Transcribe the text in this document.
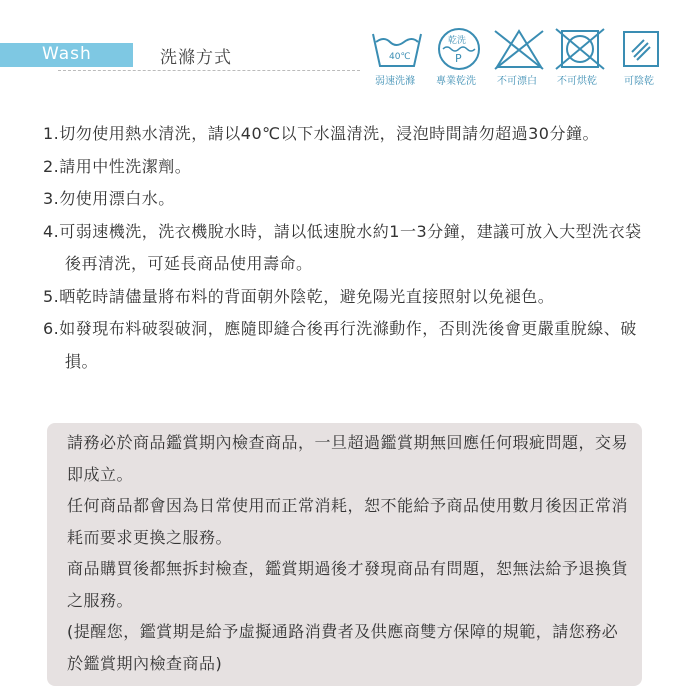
Wash	洗滌方式	40℃
乾洗
P
弱速洗滌 專業乾洗 不可漂白 不可烘乾	可陰乾
1.切勿使用熱水清洗，請以40℃以下水溫清洗，浸泡時間請勿超過30分鐘。
2.請用中性洗潔劑。
3.勿使用漂白水。
4.可弱速機洗，洗衣機脫水時，請以低速脫水約1一3分鐘，建議可放入大型洗衣袋後再清洗，可延長商品使用壽命。
5.晒乾時請儘量將布料的背面朝外陰乾，避免陽光直接照射以免褪色。
6.如發現布料破裂破洞，應隨即縫合後再行洗滌動作，否則洗後會更嚴重脫線、破損。
請務必於商品鑑賞期內檢查商品，一旦超過鑑賞期無回應任何瑕疵問題，交易即成立。
任何商品都會因為日常使用而正常消耗，恕不能給予商品使用數月後因正常消耗而要求更換之服務。
商品購買後都無拆封檢查，鑑賞期過後才發現商品有問題，恕無法給予退換貨之服務。
(提醒您，鑑賞期是給予虛擬通路消費者及供應商雙方保障的規範，請您務必於鑑賞期內檢查商品)
